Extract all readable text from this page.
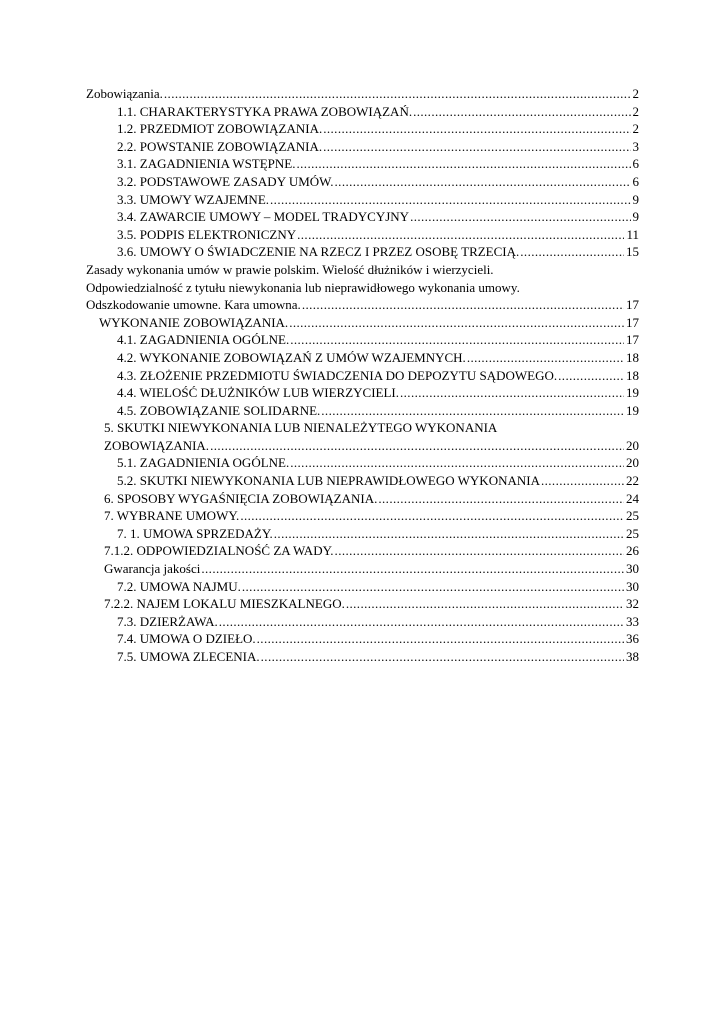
Zobowiązania. .....	2
1.1. CHARAKTERYSTYKA PRAWA ZOBOWIĄZAŃ. .....	2
1.2. PRZEDMIOT ZOBOWIĄZANIA. .....	2
2.2. POWSTANIE ZOBOWIĄZANIA. .....	3
3.1. ZAGADNIENIA WSTĘPNE. .....	6
3.2. PODSTAWOWE ZASADY UMÓW. .....	6
3.3. UMOWY WZAJEMNE. .....	9
3.4. ZAWARCIE UMOWY – MODEL TRADYCYJNY .....	9
3.5. PODPIS ELEKTRONICZNY .....	11
3.6. UMOWY O ŚWIADCZENIE NA RZECZ I PRZEZ OSOBĘ TRZECIĄ. .....	15
Zasady wykonania umów w prawie polskim. Wielość dłużników i wierzycieli.
Odpowiedzialność z tytułu niewykonania lub nieprawidłowego wykonania umowy.
Odszkodowanie umowne. Kara umowna. .....	17
WYKONANIE ZOBOWIĄZANIA. .....	17
4.1. ZAGADNIENIA OGÓLNE. .....	17
4.2. WYKONANIE ZOBOWIĄZAŃ Z UMÓW WZAJEMNYCH. .....	18
4.3. ZŁOŻENIE PRZEDMIOTU ŚWIADCZENIA DO DEPOZYTU SĄDOWEGO. .....	18
4.4. WIELOŚĆ DŁUŻNIKÓW LUB WIERZYCIELI. .....	19
4.5. ZOBOWIĄZANIE SOLIDARNE. .....	19
5. SKUTKI NIEWYKONANIA LUB NIENALEŻYTEGO WYKONANIA
ZOBOWIĄZANIA. .....	20
5.1. ZAGADNIENIA OGÓLNE. .....	20
5.2. SKUTKI NIEWYKONANIA LUB NIEPRAWIDŁOWEGO WYKONANIA .....	22
6. SPOSOBY WYGAŚNIĘCIA ZOBOWIĄZANIA. .....	24
7. WYBRANE UMOWY. .....	25
7. 1. UMOWA SPRZEDAŻY. .....	25
7.1.2. ODPOWIEDZIALNOŚĆ ZA WADY. .....	26
Gwarancja jakości .....	30
7.2. UMOWA NAJMU. .....	30
7.2.2. NAJEM LOKALU MIESZKALNEGO. .....	32
7.3. DZIERŻAWA. .....	33
7.4. UMOWA O DZIEŁO. .....	36
7.5. UMOWA ZLECENIA. .....	38
